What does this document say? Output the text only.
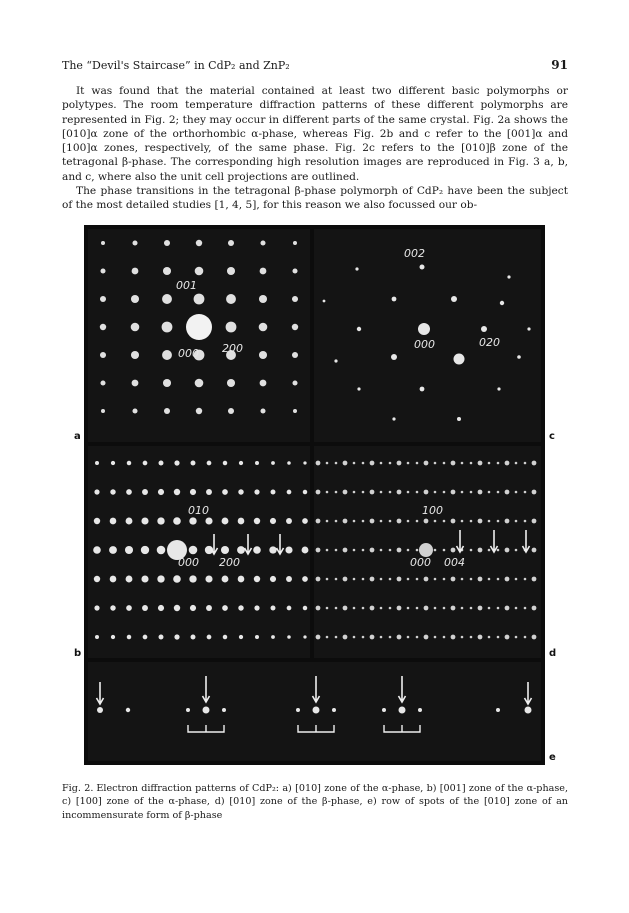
The “Devil's Staircase” in CdP₂ and ZnP₂	91

It was found that the material contained at least two different basic polymorphs or polytypes. The room temperature diffraction patterns of these different polymorphs are represented in Fig. 2; they may occur in different parts of the same crystal. Fig. 2a shows the [010]α zone of the orthorhombic α-phase, whereas Fig. 2b and c refer to the [001]α and [100]α zones, respectively, of the same phase. Fig. 2c refers to the [010]β zone of the tetragonal β-phase. The corresponding high resolution images are reproduced in Fig. 3 a, b, and c, where also the unit cell projections are outlined.

The phase transitions in the tetragonal β-phase polymorph of CdP₂ have been the subject of the most detailed studies [1, 4, 5], for this reason we also focussed our ob-

001
000 200
002
000	020
010
000 200
100
000 004
a	c
b	d
e
Fig. 2. Electron diffraction patterns of CdP₂: a) [010] zone of the α-phase, b) [001] zone of the α-phase, c) [100] zone of the α-phase, d) [010] zone of the β-phase, e) row of spots of the [010] zone of an incommensurate form of β-phase
